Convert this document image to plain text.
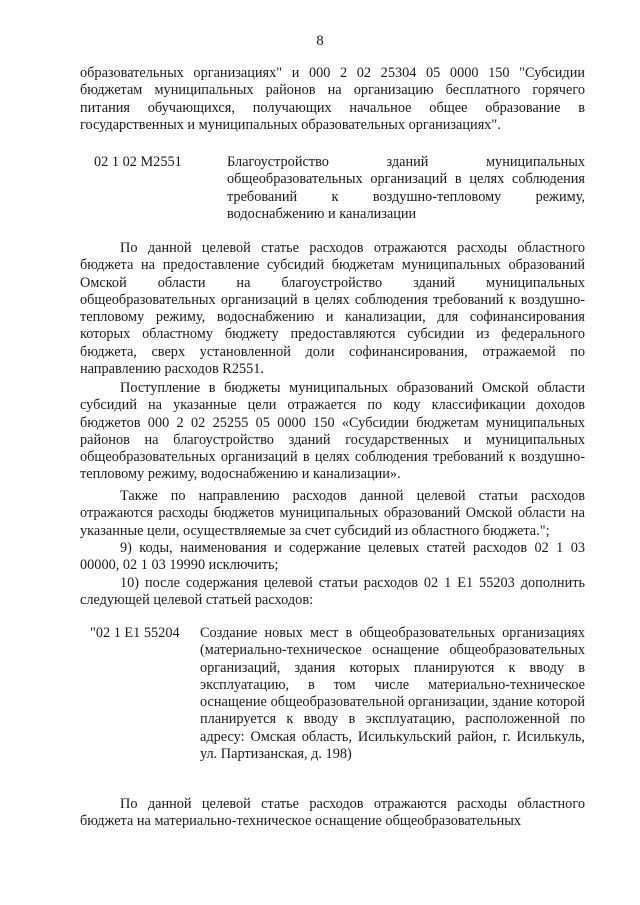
8

образовательных организациях" и 000 2 02 25304 05 0000 150 "Субсидии бюджетам муниципальных районов на организацию бесплатного горячего питания обучающихся, получающих начальное общее образование в государственных и муниципальных образовательных организациях".

02 1 02 M2551	Благоустройство зданий муниципальных общеобразовательных организаций в целях соблюдения требований к воздушно-тепловому режиму, водоснабжению и канализации

По данной целевой статье расходов отражаются расходы областного бюджета на предоставление субсидий бюджетам муниципальных образований Омской области на благоустройство зданий муниципальных общеобразовательных организаций в целях соблюдения требований к воздушно-тепловому режиму, водоснабжению и канализации, для софинансирования которых областному бюджету предоставляются субсидии из федерального бюджета, сверх установленной доли софинансирования, отражаемой по направлению расходов R2551.

Поступление в бюджеты муниципальных образований Омской области субсидий на указанные цели отражается по коду классификации доходов бюджетов 000 2 02 25255 05 0000 150 «Субсидии бюджетам муниципальных районов на благоустройство зданий государственных и муниципальных общеобразовательных организаций в целях соблюдения требований к воздушно-тепловому режиму, водоснабжению и канализации».

Также по направлению расходов данной целевой статьи расходов отражаются расходы бюджетов муниципальных образований Омской области на указанные цели, осуществляемые за счет субсидий из областного бюджета.";

9) коды, наименования и содержание целевых статей расходов 02 1 03 00000, 02 1 03 19990 исключить;

10) после содержания целевой статьи расходов 02 1 E1 55203 дополнить следующей целевой статьей расходов:

"02 1 E1 55204 Создание новых мест в общеобразовательных организациях (материально-техническое оснащение общеобразовательных организаций, здания которых планируются к вводу в эксплуатацию, в том числе материально-техническое оснащение общеобразовательной организации, здание которой планируется к вводу в эксплуатацию, расположенной по адресу: Омская область, Исилькульский район, г. Исилькуль, ул. Партизанская, д. 198)

По данной целевой статье расходов отражаются расходы областного бюджета на материально-техническое оснащение общеобразовательных
